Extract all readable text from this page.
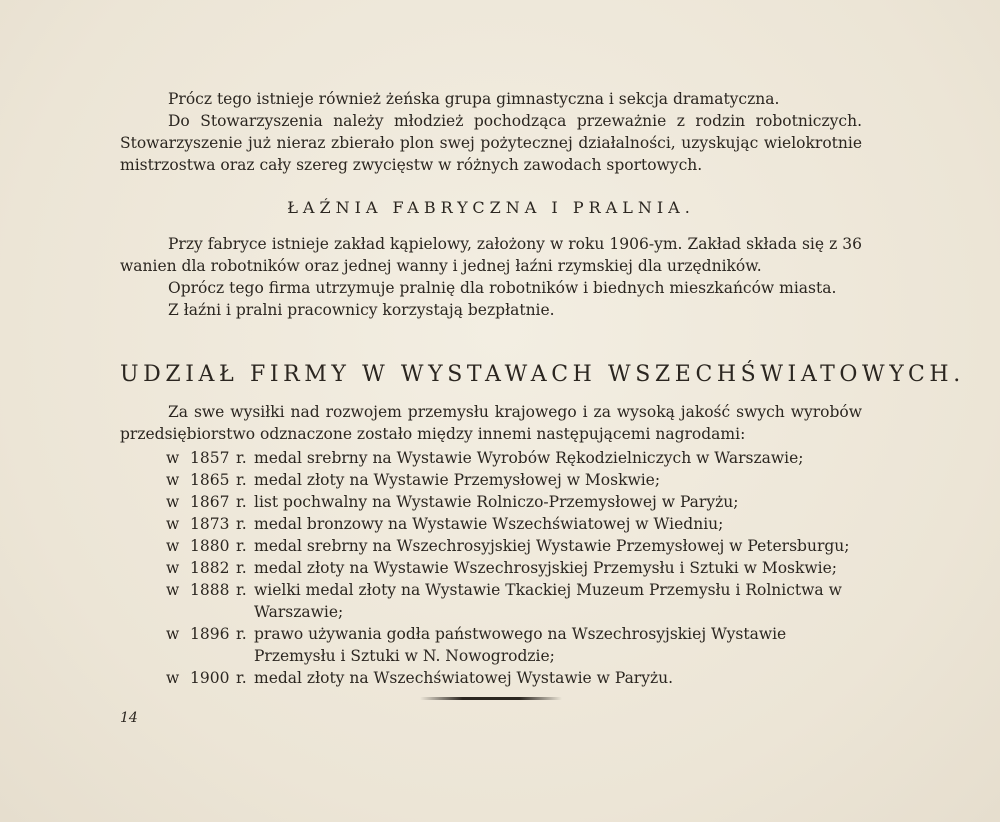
Prócz tego istnieje również żeńska grupa gimnastyczna i sekcja dramatyczna.

Do Stowarzyszenia należy młodzież pochodząca przeważnie z rodzin robotniczych. Stowarzyszenie już nieraz zbierało plon swej pożytecznej działalności, uzyskując wielokrotnie mistrzostwa oraz cały szereg zwycięstw w różnych zawodach sportowych.

ŁAŹNIA FABRYCZNA I PRALNIA.

Przy fabryce istnieje zakład kąpielowy, założony w roku 1906-ym. Zakład składa się z 36 wanien dla robotników oraz jednej wanny i jednej łaźni rzymskiej dla urzędników.

Oprócz tego firma utrzymuje pralnię dla robotników i biednych mieszkańców miasta.

Z łaźni i pralni pracownicy korzystają bezpłatnie.

UDZIAŁ FIRMY W WYSTAWACH WSZECHŚWIATOWYCH.

Za swe wysiłki nad rozwojem przemysłu krajowego i za wysoką jakość swych wyrobów przedsiębiorstwo odznaczone zostało między innemi następującemi nagrodami:

w 1857 r. medal srebrny na Wystawie Wyrobów Rękodzielniczych w Warszawie;
w 1865 r. medal złoty na Wystawie Przemysłowej w Moskwie;
w 1867 r. list pochwalny na Wystawie Rolniczo-Przemysłowej w Paryżu;
w 1873 r. medal bronzowy na Wystawie Wszechświatowej w Wiedniu;
w 1880 r. medal srebrny na Wszechrosyjskiej Wystawie Przemysłowej w Petersburgu;
w 1882 r. medal złoty na Wystawie Wszechrosyjskiej Przemysłu i Sztuki w Moskwie;
w 1888 r. wielki medal złoty na Wystawie Tkackiej Muzeum Przemysłu i Rolnictwa w Warszawie;
w 1896 r. prawo używania godła państwowego na Wszechrosyjskiej Wystawie Przemysłu i Sztuki w N. Nowogrodzie;
w 1900 r. medal złoty na Wszechświatowej Wystawie w Paryżu.
14
